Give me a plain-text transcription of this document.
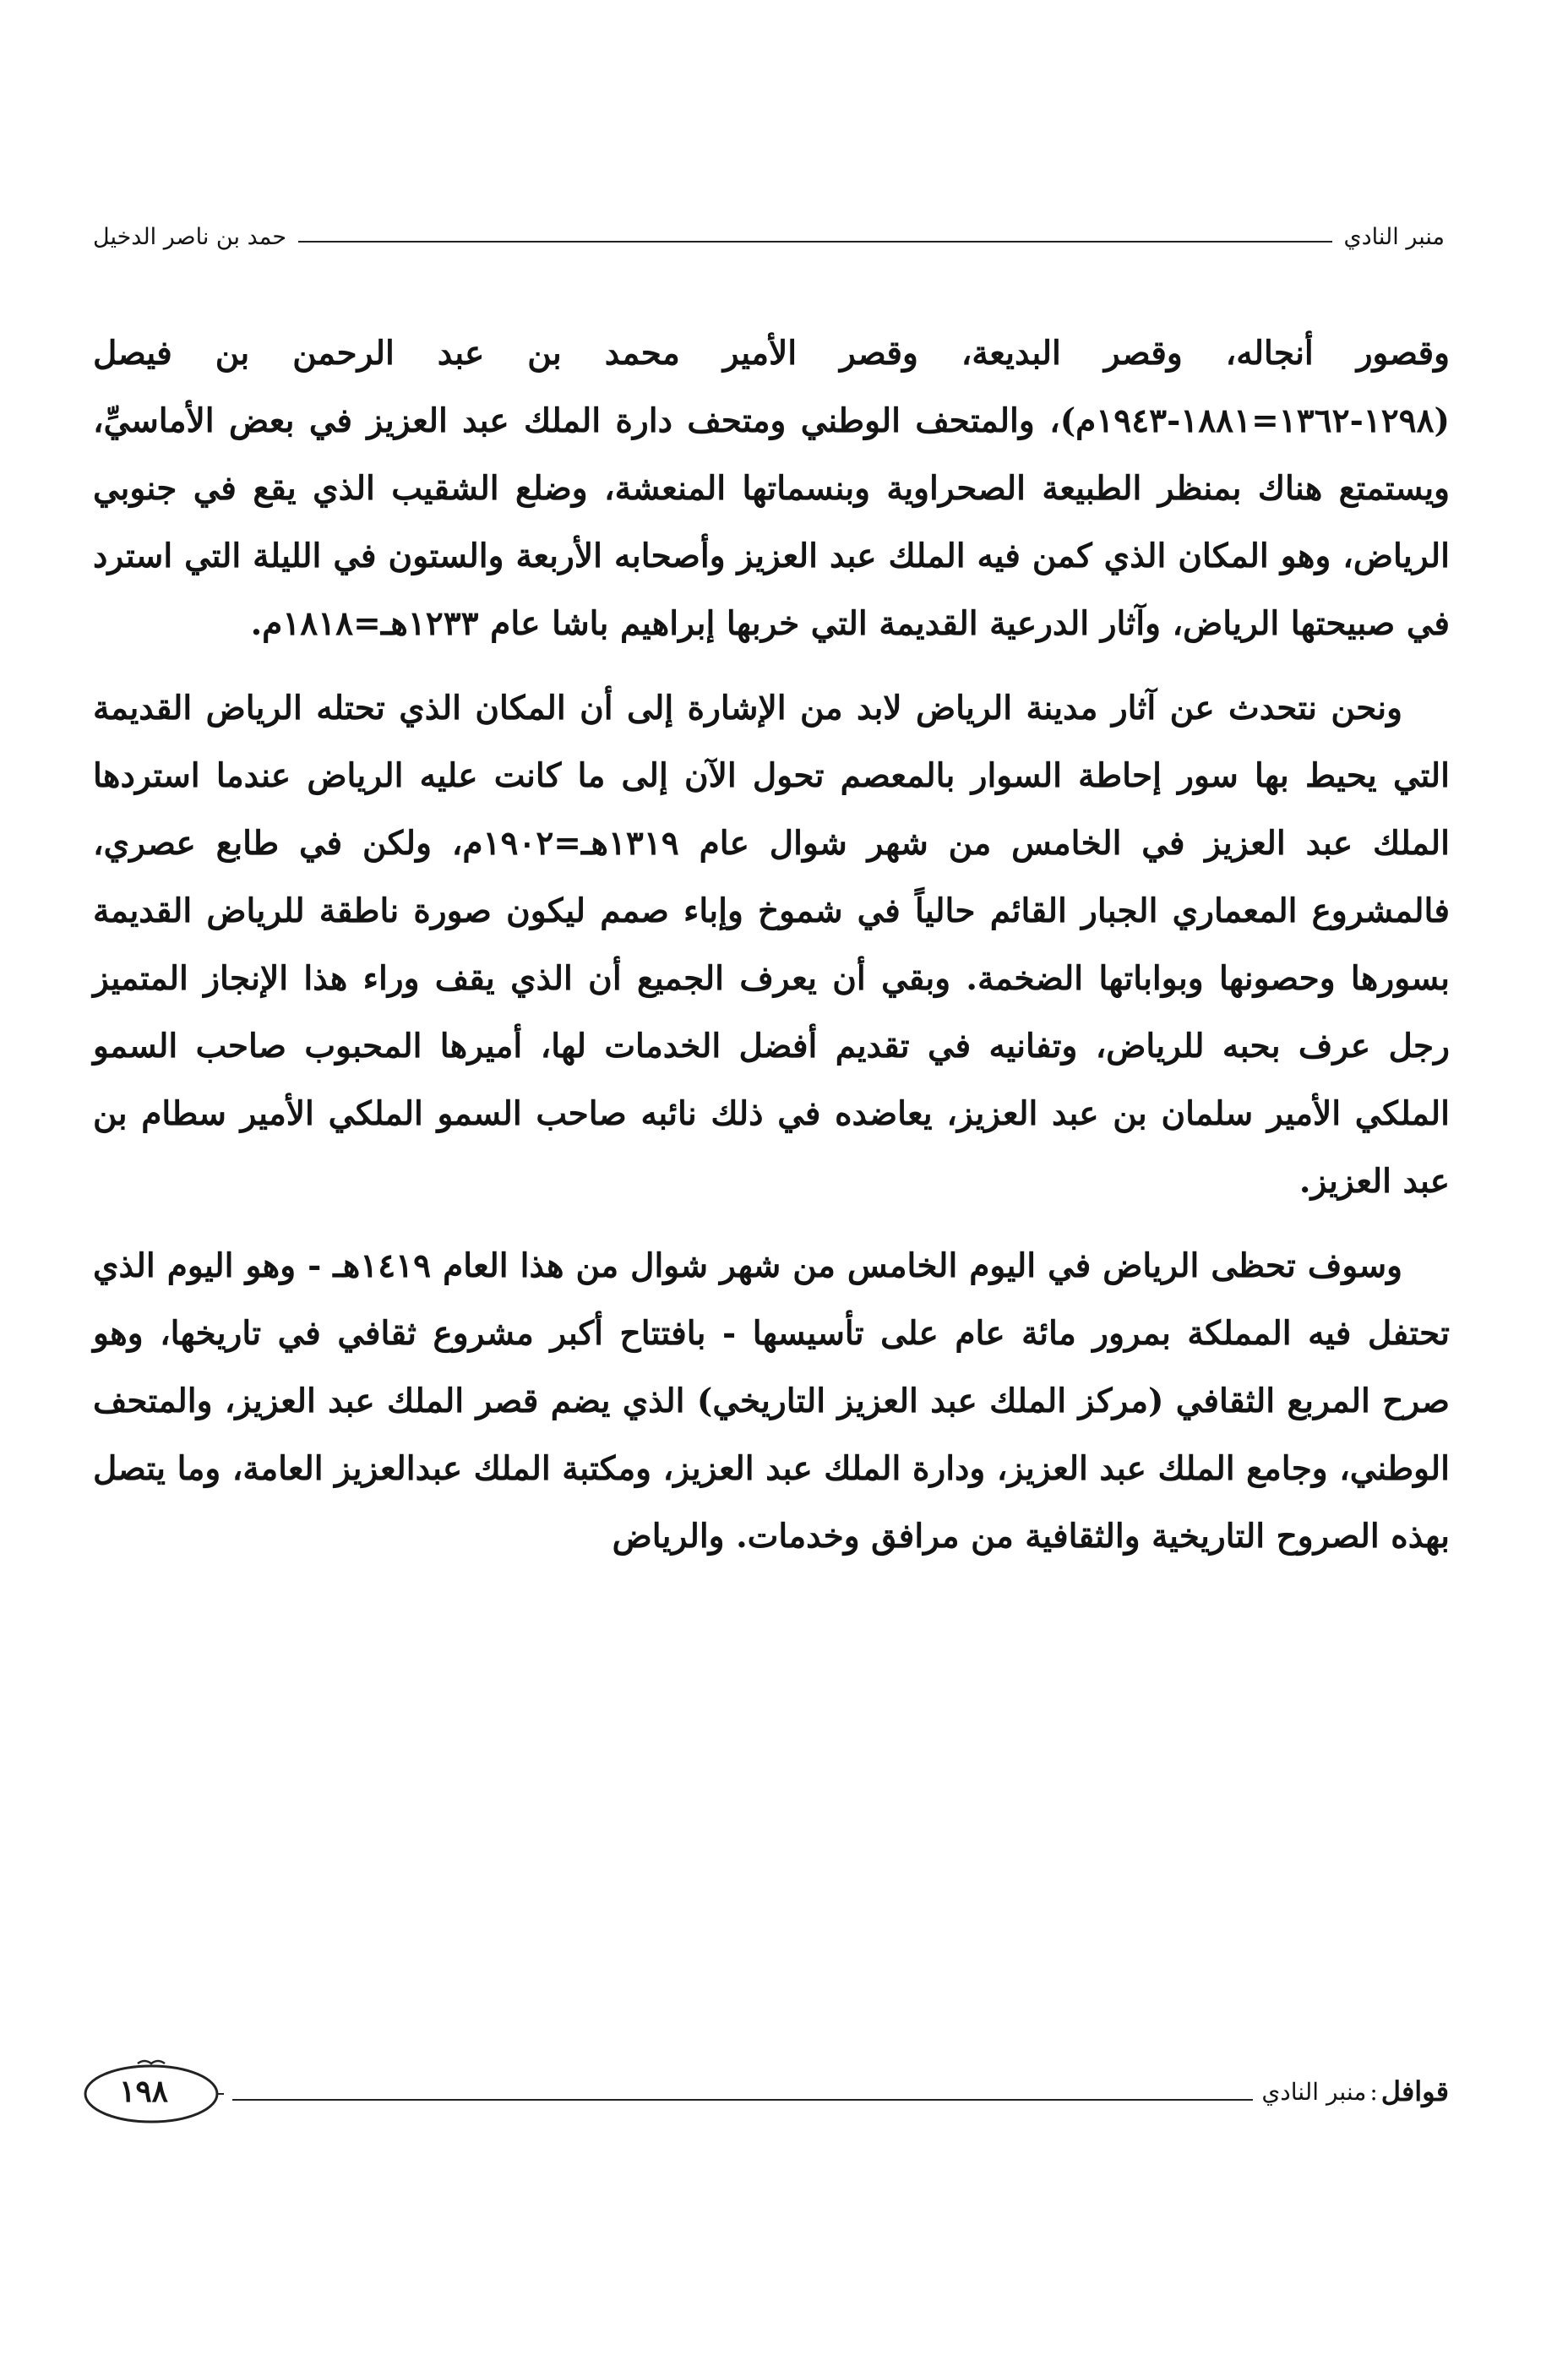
منبر النادي
حمد بن ناصر الدخيل

وقصور أنجاله، وقصر البديعة، وقصر الأمير محمد بن عبد الرحمن بن فيصل (١٢٩٨-١٣٦٢=١٨٨١-١٩٤٣م)، والمتحف الوطني ومتحف دارة الملك عبد العزيز في بعض الأماسيِّ، ويستمتع هناك بمنظر الطبيعة الصحراوية وبنسماتها المنعشة، وضلع الشقيب الذي يقع في جنوبي الرياض، وهو المكان الذي كمن فيه الملك عبد العزيز وأصحابه الأربعة والستون في الليلة التي استرد في صبيحتها الرياض، وآثار الدرعية القديمة التي خربها إبراهيم باشا عام ١٢٣٣هـ=١٨١٨م.

ونحن نتحدث عن آثار مدينة الرياض لابد من الإشارة إلى أن المكان الذي تحتله الرياض القديمة التي يحيط بها سور إحاطة السوار بالمعصم تحول الآن إلى ما كانت عليه الرياض عندما استردها الملك عبد العزيز في الخامس من شهر شوال عام ١٣١٩هـ=١٩٠٢م، ولكن في طابع عصري، فالمشروع المعماري الجبار القائم حالياً في شموخ وإباء صمم ليكون صورة ناطقة للرياض القديمة بسورها وحصونها وبواباتها الضخمة. وبقي أن يعرف الجميع أن الذي يقف وراء هذا الإنجاز المتميز رجل عرف بحبه للرياض، وتفانيه في تقديم أفضل الخدمات لها، أميرها المحبوب صاحب السمو الملكي الأمير سلمان بن عبد العزيز، يعاضده في ذلك نائبه صاحب السمو الملكي الأمير سطام بن عبد العزيز.

وسوف تحظى الرياض في اليوم الخامس من شهر شوال من هذا العام ١٤١٩هـ - وهو اليوم الذي تحتفل فيه المملكة بمرور مائة عام على تأسيسها - بافتتاح أكبر مشروع ثقافي في تاريخها، وهو صرح المربع الثقافي (مركز الملك عبد العزيز التاريخي) الذي يضم قصر الملك عبد العزيز، والمتحف الوطني، وجامع الملك عبد العزيز، ودارة الملك عبد العزيز، ومكتبة الملك عبدالعزيز العامة، وما يتصل بهذه الصروح التاريخية والثقافية من مرافق وخدمات. والرياض

قوافل
:
منبر النادي
١٩٨
